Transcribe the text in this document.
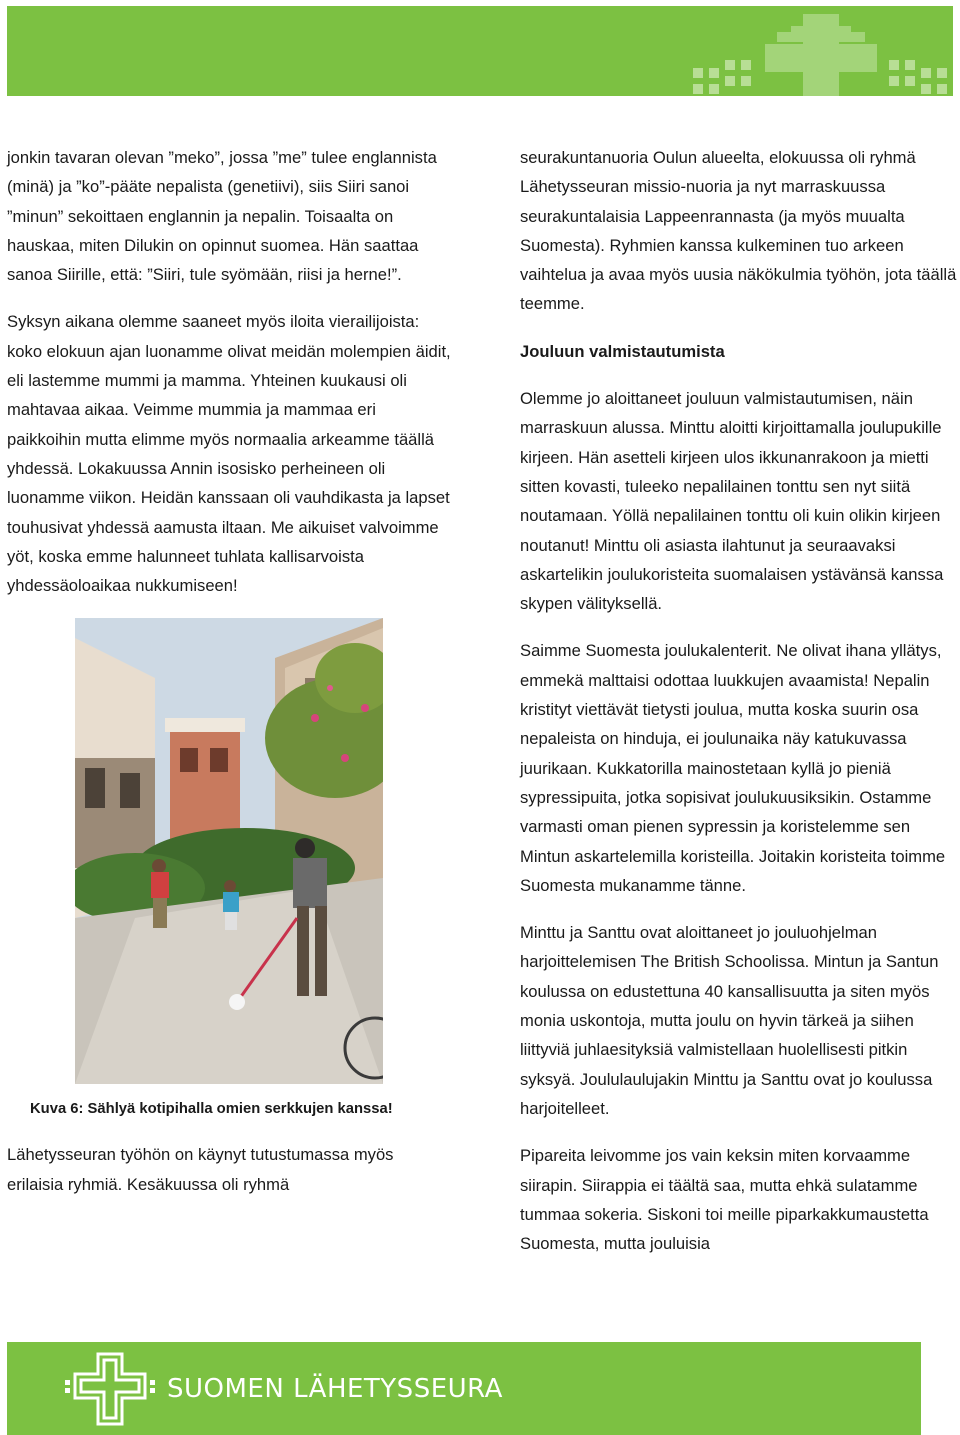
jonkin tavaran olevan ”meko”, jossa ”me” tulee englannista (minä) ja ”ko”-pääte nepalista (genetiivi), siis Siiri sanoi ”minun” sekoittaen englannin ja nepalin. Toisaalta on hauskaa, miten Dilukin on opinnut suomea. Hän saattaa sanoa Siirille, että: ”Siiri, tule syömään, riisi ja herne!”.

Syksyn aikana olemme saaneet myös iloita vierailijoista: koko elokuun ajan luonamme olivat meidän molempien äidit, eli lastemme mummi ja mamma. Yhteinen kuukausi oli mahtavaa aikaa. Veimme mummia ja mammaa eri paikkoihin mutta elimme myös normaalia arkeamme täällä yhdessä. Lokakuussa Annin isosisko perheineen oli luonamme viikon. Heidän kanssaan oli vauhdikasta ja lapset touhusivat yhdessä aamusta iltaan. Me aikuiset valvoimme yöt, koska emme halunneet tuhlata kallisarvoista yhdessäoloaikaa nukkumiseen!

Kuva 6: Sählyä kotipihalla omien serkkujen kanssa!

Lähetysseuran työhön on käynyt tutustumassa myös erilaisia ryhmiä. Kesäkuussa oli ryhmä

seurakuntanuoria Oulun alueelta, elokuussa oli ryhmä Lähetysseuran missio-nuoria ja nyt marraskuussa seurakuntalaisia Lappeenrannasta (ja myös muualta Suomesta). Ryhmien kanssa kulkeminen tuo arkeen vaihtelua ja avaa myös uusia näkökulmia työhön, jota täällä teemme.

Jouluun valmistautumista

Olemme jo aloittaneet jouluun valmistautumisen, näin marraskuun alussa. Minttu aloitti kirjoittamalla joulupukille kirjeen. Hän asetteli kirjeen ulos ikkunanrakoon ja mietti sitten kovasti, tuleeko nepalilainen tonttu sen nyt siitä noutamaan. Yöllä nepalilainen tonttu oli kuin olikin kirjeen noutanut! Minttu oli asiasta ilahtunut ja seuraavaksi askartelikin joulukoristeita suomalaisen ystävänsä kanssa skypen välityksellä.

Saimme Suomesta joulukalenterit. Ne olivat ihana yllätys, emmekä malttaisi odottaa luukkujen avaamista! Nepalin kristityt viettävät tietysti joulua, mutta koska suurin osa nepaleista on hinduja, ei joulunaika näy katukuvassa juurikaan. Kukkatorilla mainostetaan kyllä jo pieniä sypressipuita, jotka sopisivat joulukuusiksikin. Ostamme varmasti oman pienen sypressin ja koristelemme sen Mintun askartelemilla koristeilla. Joitakin koristeita toimme Suomesta mukanamme tänne.

Minttu ja Santtu ovat aloittaneet jo jouluohjelman harjoittelemisen The British Schoolissa. Mintun ja Santun koulussa on edustettuna 40 kansallisuutta ja siten myös monia uskontoja, mutta joulu on hyvin tärkeä ja siihen liittyviä juhlaesityksiä valmistellaan huolellisesti pitkin syksyä. Joululaulujakin Minttu ja Santtu ovat jo koulussa harjoitelleet.

Pipareita leivomme jos vain keksin miten korvaamme siirapin. Siirappia ei täältä saa, mutta ehkä sulatamme tummaa sokeria. Siskoni toi meille piparkakkumaustetta Suomesta, mutta jouluisia

SUOMEN LÄHETYSSEURA
